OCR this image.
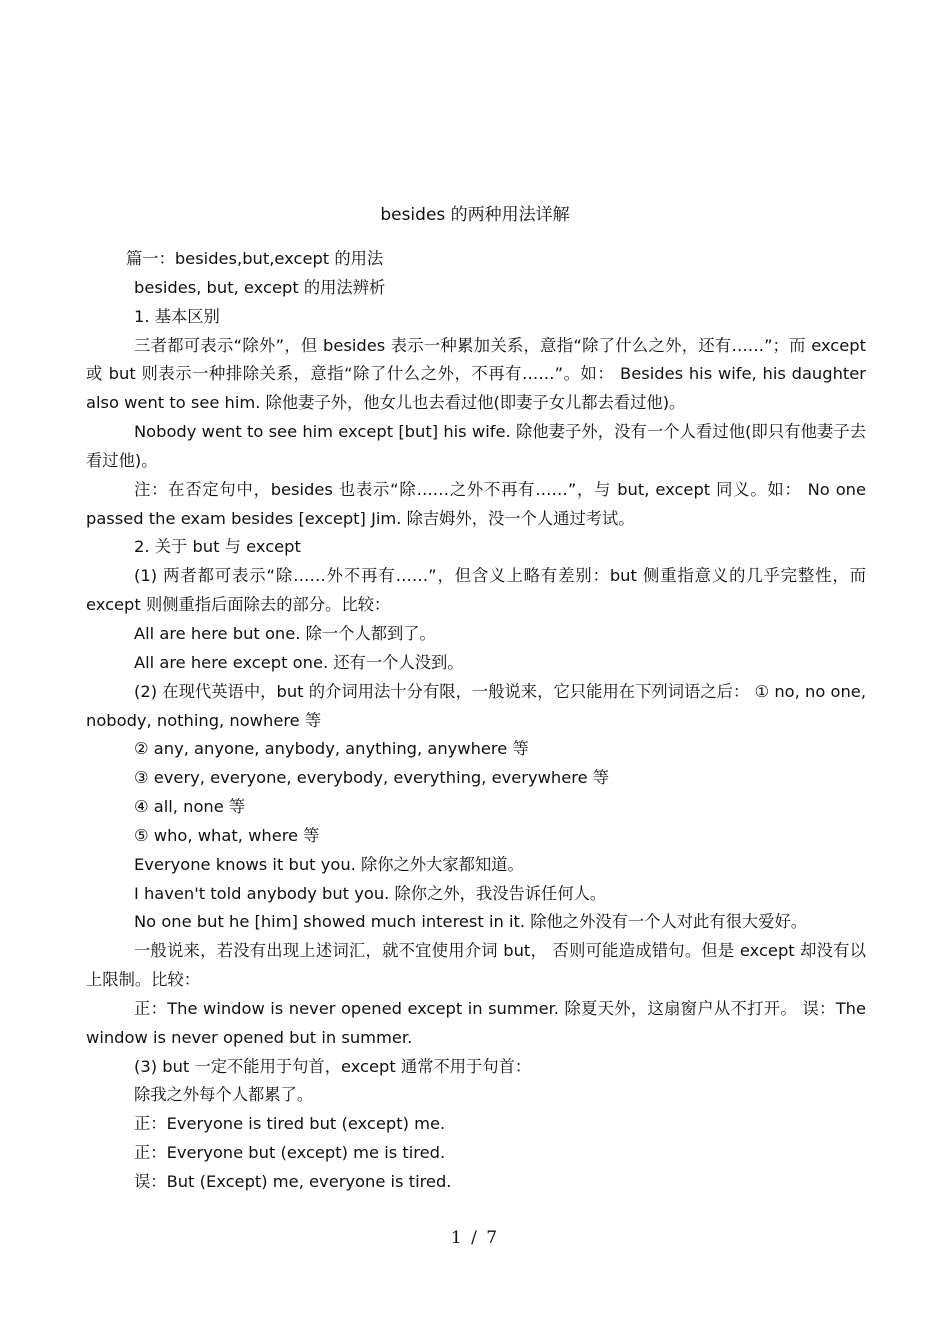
besides 的两种用法详解

篇一：besides,but,except 的用法

besides, but, except 的用法辨析

1. 基本区别

三者都可表示“除外”，但 besides 表示一种累加关系，意指“除了什么之外，还有……”；而 except 或 but 则表示一种排除关系，意指“除了什么之外，不再有……”。如： Besides his wife, his daughter also went to see him. 除他妻子外，他女儿也去看过他(即妻子女儿都去看过他)。

Nobody went to see him except [but] his wife. 除他妻子外，没有一个人看过他(即只有他妻子去看过他)。

注：在否定句中，besides 也表示“除……之外不再有……”，与 but, except 同义。如： No one passed the exam besides [except] Jim. 除吉姆外，没一个人通过考试。

2. 关于 but 与 except

(1) 两者都可表示“除……外不再有……”，但含义上略有差别：but 侧重指意义的几乎完整性，而 except 则侧重指后面除去的部分。比较：

All are here but one. 除一个人都到了。

All are here except one. 还有一个人没到。

(2) 在现代英语中，but 的介词用法十分有限，一般说来，它只能用在下列词语之后： ① no, no one, nobody, nothing, nowhere 等

② any, anyone, anybody, anything, anywhere 等

③ every, everyone, everybody, everything, everywhere 等

④ all, none 等

⑤ who, what, where 等

Everyone knows it but you. 除你之外大家都知道。

I haven't told anybody but you. 除你之外，我没告诉任何人。

No one but he [him] showed much interest in it. 除他之外没有一个人对此有很大爱好。

一般说来，若没有出现上述词汇，就不宜使用介词 but， 否则可能造成错句。但是 except 却没有以上限制。比较：

正：The window is never opened except in summer. 除夏天外，这扇窗户从不打开。 误：The window is never opened but in summer.

(3) but 一定不能用于句首，except 通常不用于句首：

除我之外每个人都累了。

正：Everyone is tired but (except) me.

正：Everyone but (except) me is tired.

误：But (Except) me, everyone is tired.

1 / 7
